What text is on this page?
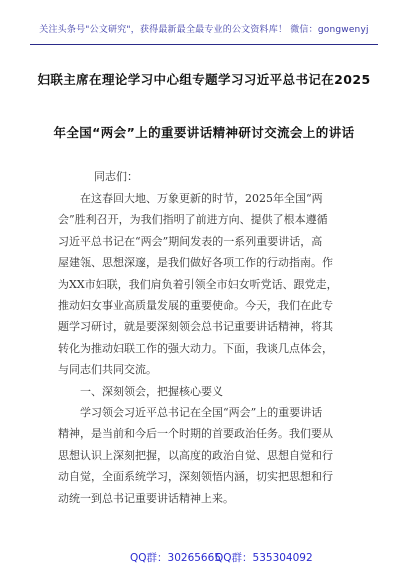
关注头条号"公文研究"，获得最新最全最专业的公文资料库！ 微信：gongwenyj
妇联主席在理论学习中心组专题学习习近平总书记在2025
年全国“两会”上的重要讲话精神研讨交流会上的讲话
同志们：
在这春回大地、万象更新的时节，2025年全国“两
会”胜利召开，为我们指明了前进方向、提供了根本遵循
习近平总书记在“两会”期间发表的一系列重要讲话，高
屋建瓴、思想深邃，是我们做好各项工作的行动指南。作
为XX市妇联，我们肩负着引领全市妇女听党话、跟党走，
推动妇女事业高质量发展的重要使命。今天，我们在此专
题学习研讨，就是要深刻领会总书记重要讲话精神，将其
转化为推动妇联工作的强大动力。下面，我谈几点体会，
与同志们共同交流。
一、深刻领会，把握核心要义
学习领会习近平总书记在全国“两会”上的重要讲话
精神，是当前和今后一个时期的首要政治任务。我们要从
思想认识上深刻把握，以高度的政治自觉、思想自觉和行
动自觉，全面系统学习，深刻领悟内涵，切实把思想和行
动统一到总书记重要讲话精神上来。
QQ群：30265665
QQ群：535304092
